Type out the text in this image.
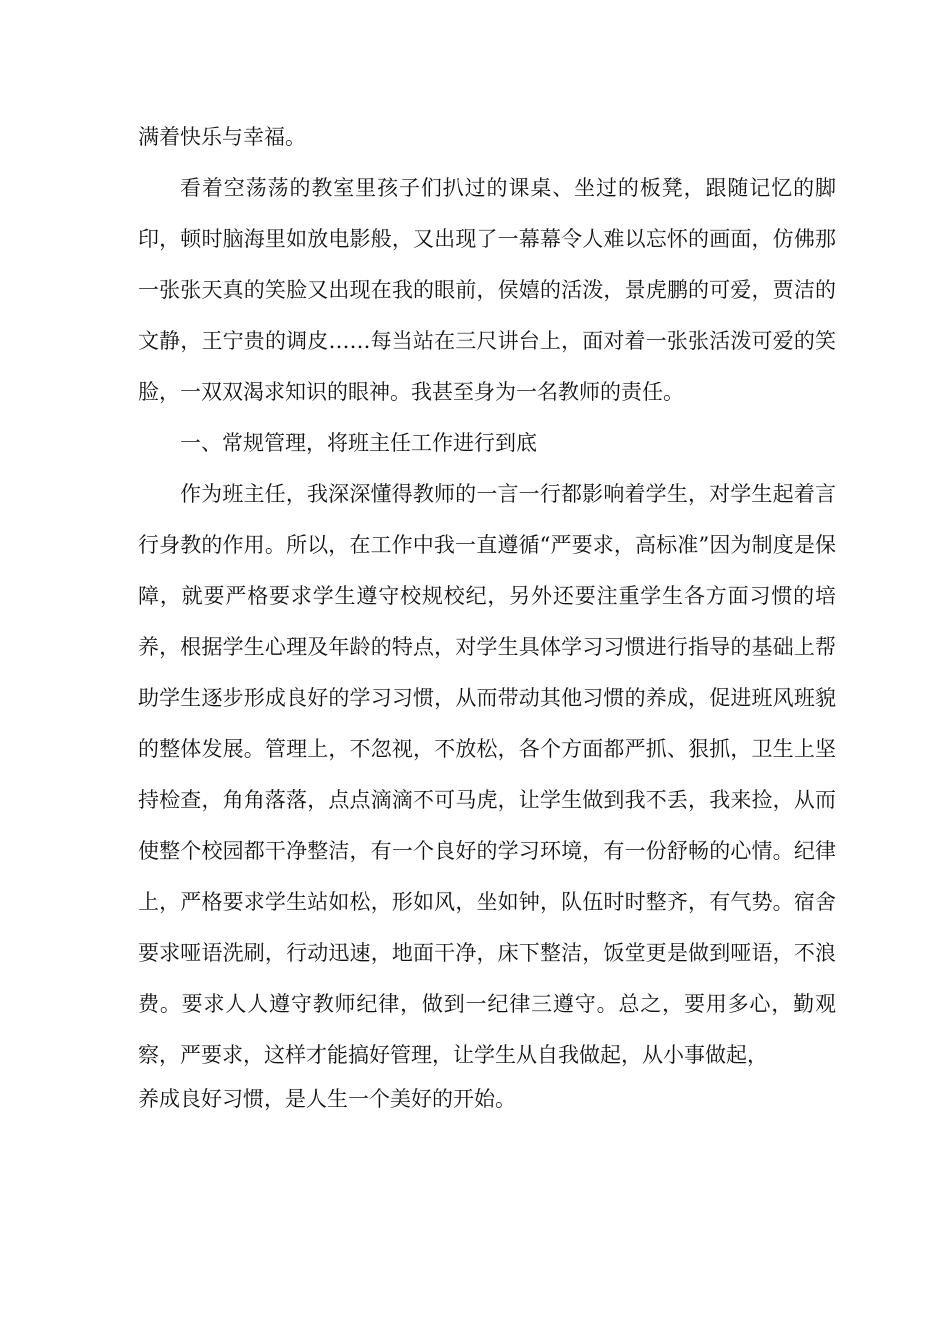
满着快乐与幸福。

看着空荡荡的教室里孩子们扒过的课桌、坐过的板凳，跟随记忆的脚印，顿时脑海里如放电影般，又出现了一幕幕令人难以忘怀的画面，仿佛那一张张天真的笑脸又出现在我的眼前，侯嬉的活泼，景虎鹏的可爱，贾洁的文静，王宁贵的调皮……每当站在三尺讲台上，面对着一张张活泼可爱的笑脸，一双双渴求知识的眼神。我甚至身为一名教师的责任。

一、常规管理，将班主任工作进行到底

作为班主任，我深深懂得教师的一言一行都影响着学生，对学生起着言行身教的作用。所以，在工作中我一直遵循“严要求，高标准”因为制度是保障，就要严格要求学生遵守校规校纪，另外还要注重学生各方面习惯的培养，根据学生心理及年龄的特点，对学生具体学习习惯进行指导的基础上帮助学生逐步形成良好的学习习惯，从而带动其他习惯的养成，促进班风班貌的整体发展。管理上，不忽视，不放松，各个方面都严抓、狠抓，卫生上坚持检查，角角落落，点点滴滴不可马虎，让学生做到我不丢，我来捡，从而使整个校园都干净整洁，有一个良好的学习环境，有一份舒畅的心情。纪律上，严格要求学生站如松，形如风，坐如钟，队伍时时整齐，有气势。宿舍要求哑语洗刷，行动迅速，地面干净，床下整洁，饭堂更是做到哑语，不浪费。要求人人遵守教师纪律，做到一纪律三遵守。总之，要用多心，勤观察，严要求，这样才能搞好管理，让学生从自我做起，从小事做起，

养成良好习惯，是人生一个美好的开始。
